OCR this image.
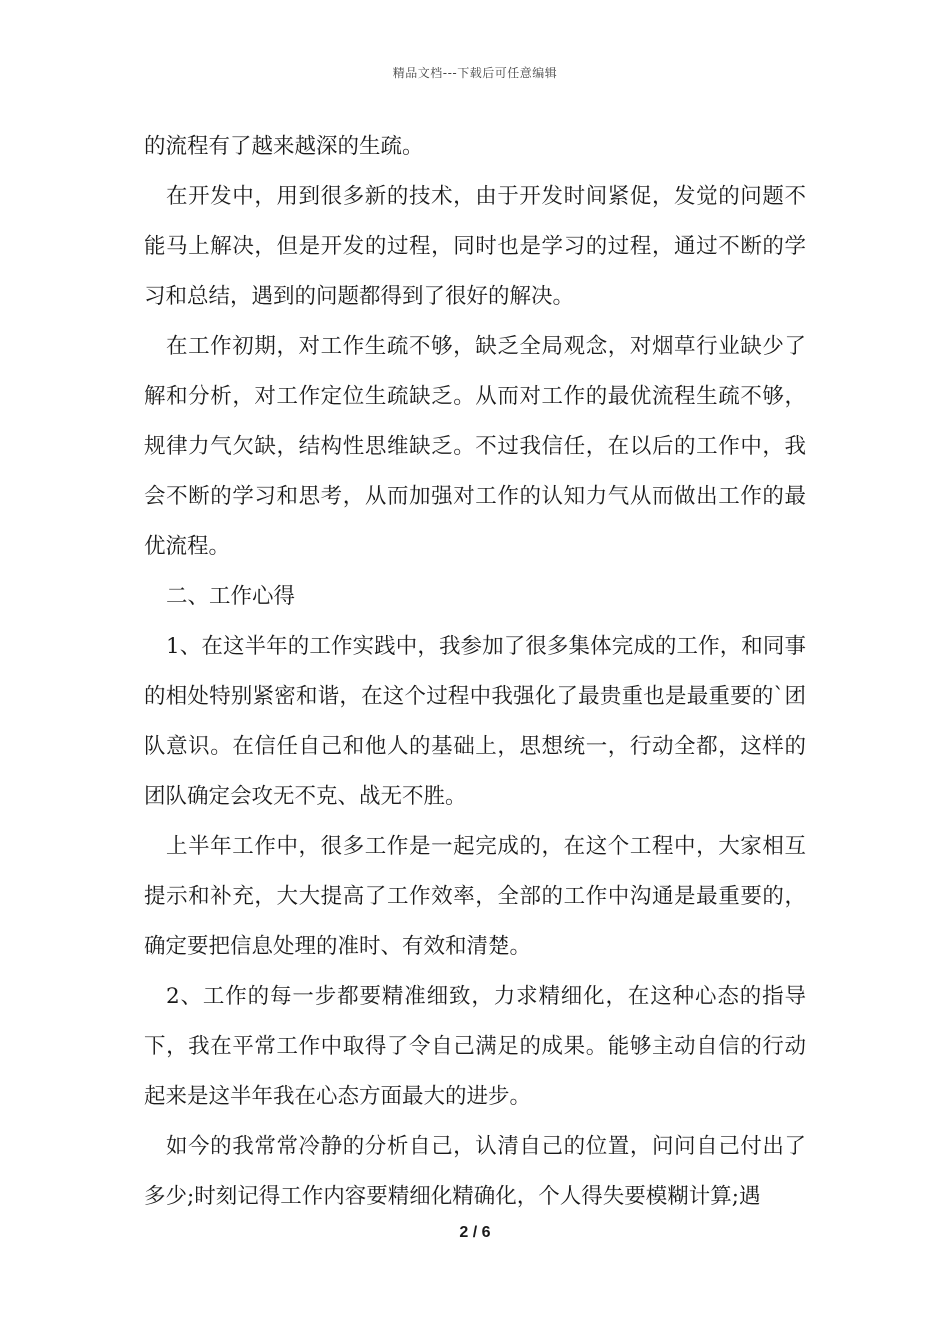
精品文档---下载后可任意编辑

的流程有了越来越深的生疏。

在开发中，用到很多新的技术，由于开发时间紧促，发觉的问题不能马上解决，但是开发的过程，同时也是学习的过程，通过不断的学习和总结，遇到的问题都得到了很好的解决。

在工作初期，对工作生疏不够，缺乏全局观念，对烟草行业缺少了解和分析，对工作定位生疏缺乏。从而对工作的最优流程生疏不够，规律力气欠缺，结构性思维缺乏。不过我信任，在以后的工作中，我会不断的学习和思考，从而加强对工作的认知力气从而做出工作的最优流程。

二、工作心得

1、在这半年的工作实践中，我参加了很多集体完成的工作，和同事的相处特别紧密和谐，在这个过程中我强化了最贵重也是最重要的`团队意识。在信任自己和他人的基础上，思想统一，行动全都，这样的团队确定会攻无不克、战无不胜。

上半年工作中，很多工作是一起完成的，在这个工程中，大家相互提示和补充，大大提高了工作效率，全部的工作中沟通是最重要的，确定要把信息处理的准时、有效和清楚。

2、工作的每一步都要精准细致，力求精细化，在这种心态的指导下，我在平常工作中取得了令自己满足的成果。能够主动自信的行动起来是这半年我在心态方面最大的进步。

如今的我常常冷静的分析自己，认清自己的位置，问问自己付出了多少;时刻记得工作内容要精细化精确化，个人得失要模糊计算;遇

2 / 6
